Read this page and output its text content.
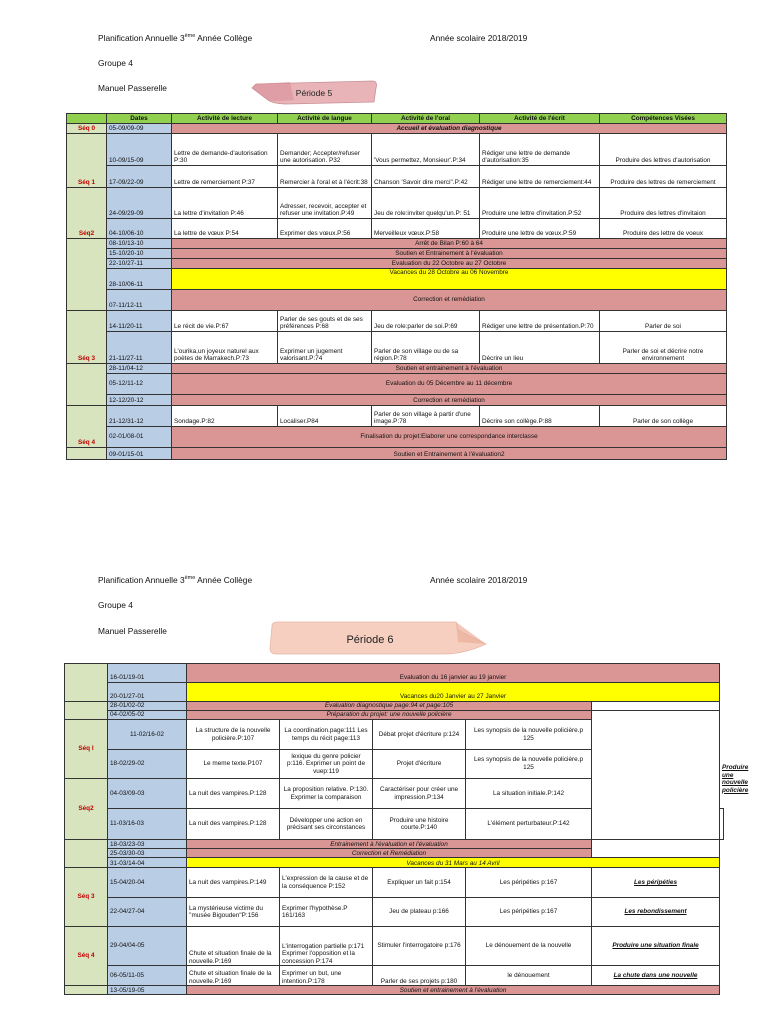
Planification Annuelle 3ème Année Collège	Année scolaire 2018/2019
Groupe 4
Manuel Passerelle	Période 5
	Dates	Activité de lecture	Activité de langue	Activité de l'oral	Activité de l'écrit	Compétences Visées
Séq 0	05-09/09-09	Accueil et évaluation diagnostique				
Séq 1	10-09/15-09	Lettre de demande-d'autorisation P:30	Demander; Accepter/refuser une autorisation. P32	'Vous permettez, Monsieur'.P:34	Rédiger une lettre de demande d'autorisation:35	Produire des lettres d'autorisation
	17-09/22-09	Lettre de remerciement P:37	Remercier à l'oral et à l'écrit:38	Chanson 'Savoir dire merci".P:42	Rédiger une lettre de remerciement:44	Produire des lettres de remerciement
Séq2	24-09/29-09	La lettre d'invitation P:46	Adresser, recevoir, accepter et refuser une invitation.P:49	Jeu de role:inviter quelqu'un.P: 51	Produire une lettre d'invitation.P:52	Produire des lettres d'invitaion
	04-10/06-10	La lettre de vœux P:54	Exprimer des vœux.P:56	Merveilleux vœux.P:58	Produire une lettre de vœux.P:59	Produire des lettre de voeux
	08-10/13-10	Arrêt de Bilan P:60 à 64				
	15-10/20-10	Soutien et Entrainement à l'évaluation				
	22-10/27-11	Evaluation du 22 Octobre au 27 Octobre				
	28-10/06-11	Vacances du 28 Octobre au 06 Novembre				
	07-11/12-11	Correction et remédiation				
Séq 3	14-11/20-11	Le récit de vie.P:67	Parler de ses gouts et de ses préférences P:68	Jeu de role:parler de soi.P:69	Rédiger une lettre de présentation.P:70	Parler de soi
	21-11/27-11	L'ourika,un joyeux naturel aux poètes de Marrakech.P:73	Exprimer un jugement valorisant.P:74	Parler de son village ou de sa région.P:78	Décrire un lieu	Parler de soi et décrire notre environnement
	28-11/04-12	Soutien et entrainement à l'évaluation				
	05-12/11-12	Evaluation du 05 Décembre au 11 décembre				
	12-12/20-12	Correction et remédiation				
Séq 4	21-12/31-12	Sondage.P:82	Localiser.P84	Parler de son village à partir d'une image.P:78	Décrire son collège.P:88	Parler de son collège
	02-01/08-01	Finalisation du projet:Elaborer une correspondance interclasse				
	09-01/15-01	Soutien et Entrainement à l'évaluation2				
Planification Annuelle 3ème Année Collège	Année scolaire 2018/2019
Groupe 4
Manuel Passerelle
Période 6
	16-01/19-01	Evaluation du 16 janvier au 19 janvier					
	20-01/27-01	Vacances du20 Janvier au 27 Janvier					
	28-01/02-02	Evaluation diagnostique page:94 et page:105					
	04-02/05-02	Préparation du projet: une nouvelle policière					
Séq I	11-02/16-02	La structure de la nouvelle policière.P:107	La coordination.page:111 Les temps du récit page:113	Débat projet d'écriture p:124	Les synopsis de la nouvelle policière.p 125		
	18-02/29-02	Le meme texte.P107	lexique du genre policier p:116. Exprimer un point de vuep:119	Projet d'écriture	Les synopsis de la nouvelle policière.p 125		
Séq2	04-03/09-03	La nuit des vampires.P:128	La proposition relative. P:130. Exprimer la comparaison	Caractériser pour créer une impression.P:134	La situation initiale.P:142		
	11-03/16-03	La nuit des vampires.P:128	Développer une action en précisant ses circonstances	Produire une histoire courte.P:140	L'élément perturbateur.P:142		Produire une nouvelle policière
	18-03/23-03	Entrainement à l'évaluation et l'évaluation					
	25-03/30-03	Correction et Remédiation					
	31-03/14-04	Vacances du 31 Mars au 14 Avril					
Séq 3	15-04/20-04	La nuit des vampires.P:149	L'expression de la cause et de la conséquence P:152	Expliquer un fait p:154	Les péripéties p:167	Les péripéties	
	22-04/27-04	La mystérieuse victime du ''musée Bigouden"P:156	Exprimer l'hypothèse.P 161/163	Jeu de plateau p:166	Les péripéties p:167	Les rebondissement	
Séq 4	29-04/04-05	Chute et situation finale de la nouvelle.P:169	L'interrogation partielle p:171 Exprimer l'opposition et la concession P:174	Stimuler l'interrogatoire p:176	Le dénouement de la nouvelle	Produire une situation finale	
	06-05/11-05	Chute et situation finale de la nouvelle.P:169	Exprimer un but, une intention.P:178	Parler de ses projets p:180	le dénouement	La chute dans une nouvelle	
	13-05/19-05	Soutien et entrainement à l'évaluation					
